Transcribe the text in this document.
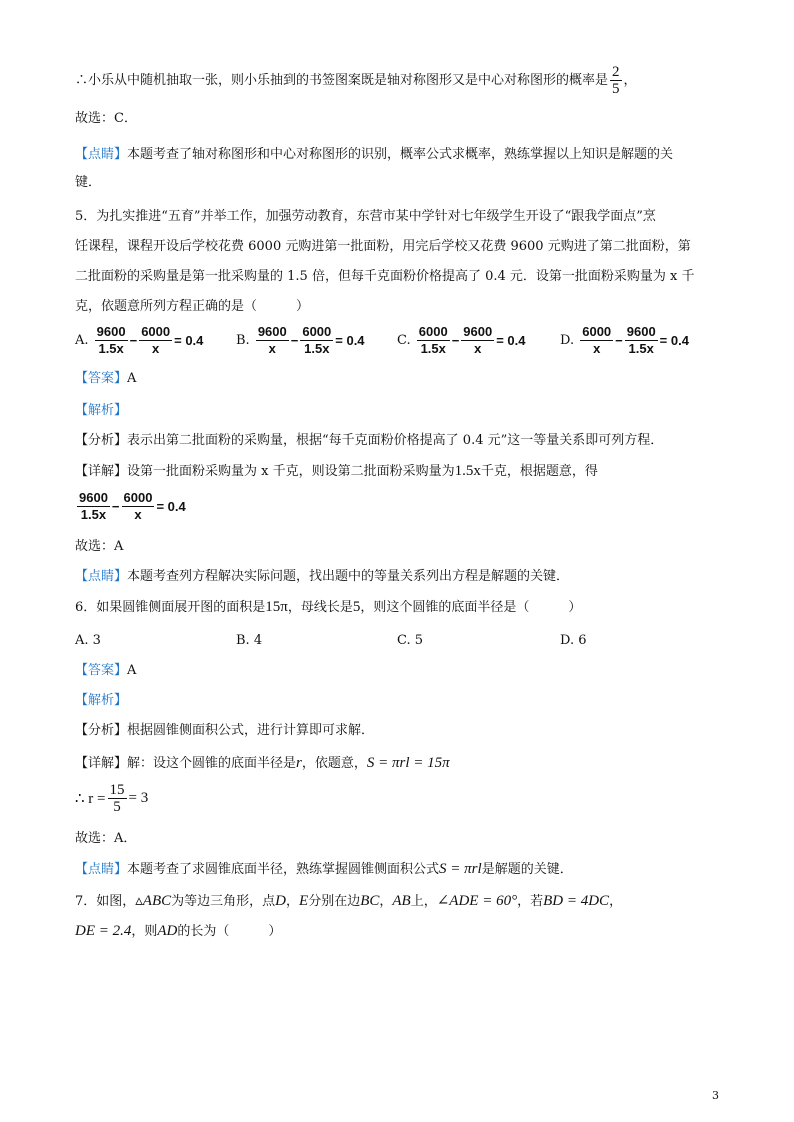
∴小乐从中随机抽取一张，则小乐抽到的书签图案既是轴对称图形又是中心对称图形的概率是 $\frac{2}{5}$ ，
故选：C．
【点睛】本题考查了轴对称图形和中心对称图形的识别，概率公式求概率，熟练掌握以上知识是解题的关
键．
5．为扎实推进“五育”并举工作，加强劳动教育，东营市某中学针对七年级学生开设了“跟我学面点”烹
饪课程，课程开设后学校花费 6000 元购进第一批面粉，用完后学校又花费 9600 元购进了第二批面粉，第
二批面粉的采购量是第一批采购量的 1.5 倍，但每千克面粉价格提高了 0.4 元．设第一批面粉采购量为 x 千
克，依题意所列方程正确的是（　　　）
A.
$\frac{9600}{1.5x} - \frac{6000}{x} = 0.4$	B.
$\frac{9600}{x} - \frac{6000}{1.5x} = 0.4$ C.
$\frac{6000}{1.5x} - \frac{9600}{x} = 0.4$	D.
$\frac{6000}{x} - \frac{9600}{1.5x} = 0.4$
【答案】A
【解析】
【分析】表示出第二批面粉的采购量，根据“每千克面粉价格提高了 0.4 元”这一等量关系即可列方程．
【详解】设第一批面粉采购量为 x 千克，则设第二批面粉采购量为1.5x千克，根据题意，得
$\frac{9600}{1.5x} - \frac{6000}{x} = 0.4$
故选：A
【点睛】本题考查列方程解决实际问题，找出题中的等量关系列出方程是解题的关键．
6．如果圆锥侧面展开图的面积是15π，母线长是5，则这个圆锥的底面半径是（　　　）
A. 3	B. 4	C. 5	D. 6
【答案】A
【解析】
【分析】根据圆锥侧面积公式，进行计算即可求解．
【详解】解：设这个圆锥的底面半径是r，依题意，S = πrl = 15π
∴ $r = \frac{15}{5} = 3$
故选：A．
【点睛】本题考查了求圆锥底面半径，熟练掌握圆锥侧面积公式S = πrl是解题的关键．
7．如图，▵ABC为等边三角形，点D，E分别在边BC，AB上，∠ADE = 60°，若BD = 4DC，
DE = 2.4，则AD的长为（　　　）
3
